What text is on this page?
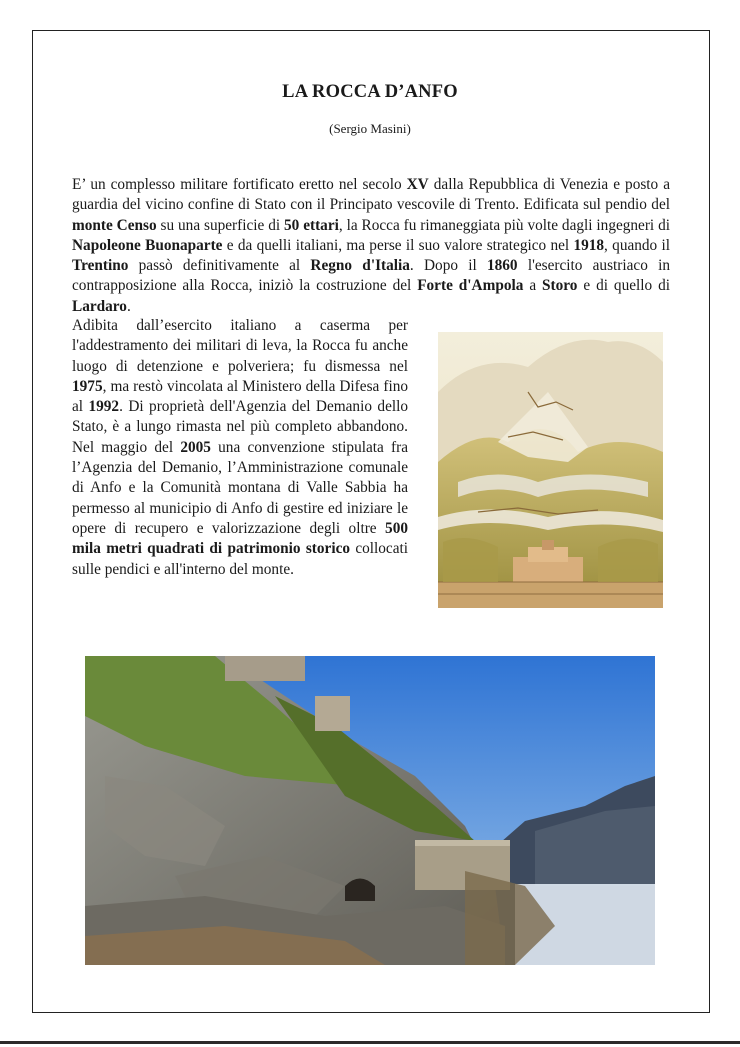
LA ROCCA D’ANFO
(Sergio Masini)

E’ un complesso militare fortificato eretto nel secolo XV dalla Repubblica di Venezia e posto a guardia del vicino confine di Stato con il Principato vescovile di Trento. Edificata sul pendio del monte Censo su una superficie di 50 ettari, la Rocca fu rimaneggiata più volte dagli ingegneri di Napoleone Buonaparte e da quelli italiani, ma perse il suo valore strategico nel 1918, quando il Trentino passò definitivamente al Regno d'Italia. Dopo il 1860 l'esercito austriaco in contrapposizione alla Rocca, iniziò la costruzione del Forte d'Ampola a Storo e di quello di Lardaro.

Adibita dall’esercito italiano a caserma per l'addestramento dei militari di leva, la Rocca fu anche luogo di detenzione e polveriera; fu dismessa nel 1975, ma restò vincolata al Ministero della Difesa fino al 1992. Di proprietà dell'Agenzia del Demanio dello Stato, è a lungo rimasta nel più completo abbandono. Nel maggio del 2005 una convenzione stipulata fra l’Agenzia del Demanio, l’Amministrazione comunale di Anfo e la Comunità montana di Valle Sabbia ha permesso al municipio di Anfo di gestire ed iniziare le opere di recupero e valorizzazione degli oltre 500 mila metri quadrati di patrimonio storico collocati sulle pendici e all'interno del monte.
